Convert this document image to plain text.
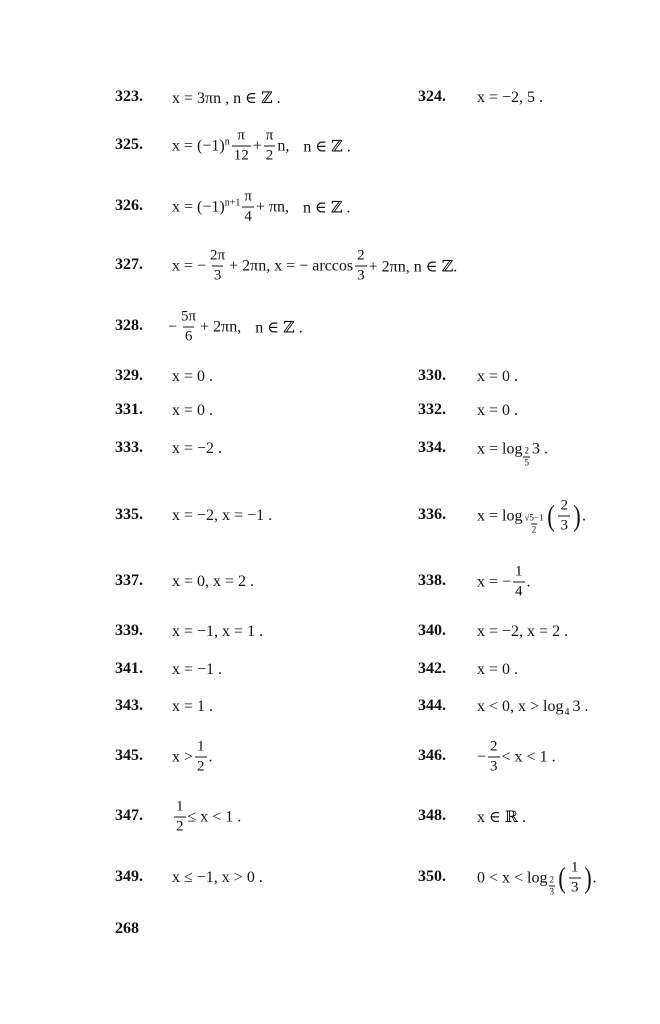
323. x = 3πn , n ∈ ℤ .	324. x = −2, 5 .
325. $x = (-1)^n \frac{\pi}{12} + \frac{\pi}{2} n$, n ∈ ℤ .
326. $x = (-1)^{n+1} \frac{\pi}{4} + \pi n$, n ∈ ℤ .
327. x = − $\frac{2\pi}{3} + 2\pi n$, x = − $\arccos \frac{2}{3} + 2\pi n$, n ∈ ℤ.
328. − $\frac{5\pi}{6} + 2\pi n$, n ∈ ℤ .
329. x = 0 .	330. x = 0 .
331. x = 0 .	332. x = 0 .
333. x = −2 .	334. $x = \log \frac{2}{5} 3$ .
335. x = −2, x = −1 .	336. $x = \log \frac{√5-1}{2}$ ( $\frac{2}{3}$ ) .
337. x = 0, x = 2 .	338. x = − $\frac{1}{4}$ .
339. x = −1, x = 1 .	340. x = −2, x = 2 .
341. x = −1 .	342. x = 0 .
343. x = 1 .	344. x < 0, x > log 4 3 .
345. $x > \frac{1}{2}$ .	346. − $\frac{2}{3} < x < 1$ .
347. $\frac{1}{2} \le x < 1$ .	348. x ∈ ℝ .
349. x ≤ −1, x > 0 .	350. $0 < x < \log \frac{2}{3}$ ( $\frac{1}{3}$ ) .
268
